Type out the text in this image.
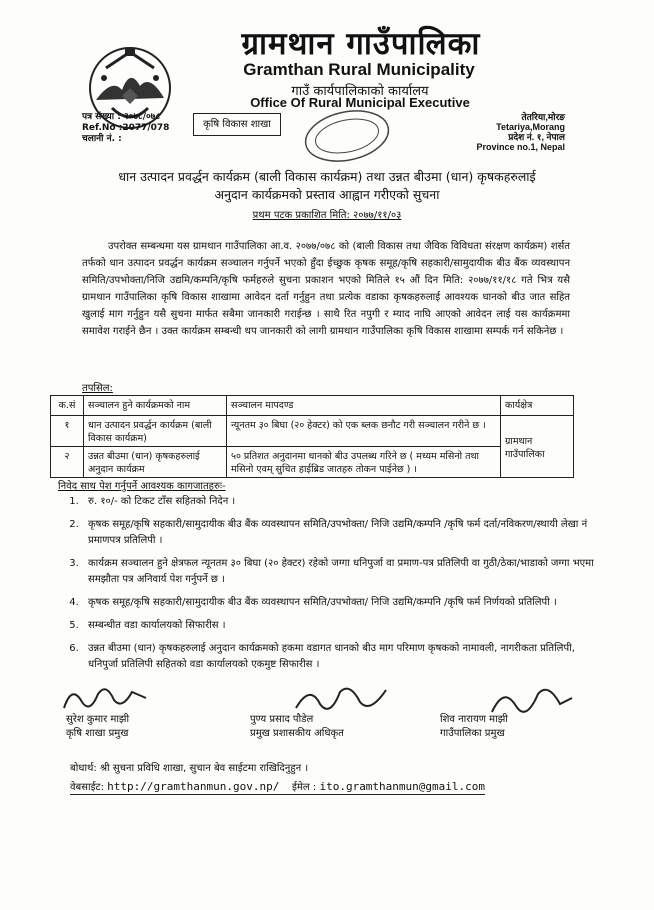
ग्रामथान गाउँपालिका
Gramthan Rural Municipality
गाउँ कार्यपालिकाको कार्यालय
Office Of Rural Municipal Executive
पत्र संख्या : २०७८/०७८
Ref.No :2077/078
चलानी नं. :
कृषि विकास शाखा
तेतरिया,मोरङ
Tetariya,Morang
प्रदेश नं. १, नेपाल
Province no.1, Nepal
धान उत्पादन प्रवर्द्धन कार्यक्रम (बाली विकास कार्यक्रम) तथा उन्नत बीउमा (धान) कृषकहरुलाई
अनुदान कार्यक्रमको प्रस्ताव आह्वान गरीएको सुचना
प्रथम पटक प्रकाशित मिति: २०७७/११/०३
उपरोक्त सम्बन्धमा यस ग्रामथान गाउँपालिका आ.व. २०७७/०७८ को (बाली विकास तथा जैविक विविधता संरक्षण कार्यक्रम) शर्सत तर्फको धान उत्पादन प्रवर्द्धन कार्यक्रम सञ्चालन गर्नुपर्ने भएको हुँदा ईच्छुक कृषक समूह/कृषि सहकारी/सामुदायीक बीउ बैंक व्यवस्थापन समिति/उपभोक्ता/निजि उद्यमि/कम्पनि/कृषि फर्महरुले सुचना प्रकाशन भएको मितिले १५ औं दिन मिति: २०७७/११/१८ गते भित्र यसै ग्रामथान गाउँपालिका कृषि विकास शाखामा आवेदन दर्ता गर्नुहुन तथा प्रत्येक वडाका कृषकहरुलाई आवश्यक धानको बीउ जात सहित खुलाई माग गर्नुहुन यसै सुचना मार्फत सबैमा जानकारी गराईन्छ । साथै रित नपुगी र म्याद नाघि आएको आवेदन लाई यस कार्यक्रममा समावेश गराईने छैन । उक्त कार्यक्रम सम्बन्धी थप जानकारी को लागी ग्रामथान गाउँपालिका कृषि विकास शाखामा सम्पर्क गर्न सकिनेछ ।
तपसिल:
क.सं	सञ्चालन हुने कार्यक्रमको नाम	सञ्चालन मापदण्ड	कार्यक्षेत्र
१	धान उत्पादन प्रवर्द्धन कार्यक्रम (बाली विकास कार्यक्रम)	न्यूनतम ३० बिघा (२० हेक्टर) को एक ब्लक छनौट गरी सञ्चालन गरीने छ ।	ग्रामथान गाउँपालिका
२	उन्नत बीउमा (धान) कृषकहरुलाई अनुदान कार्यक्रम	५० प्रतिशत अनुदानमा धानको बीउ उपलब्ध गरिने छ ( मध्यम मसिनो तथा मसिनो एवम् सुचित हाईब्रिड जातहरु तोकन पाईनेछ ) ।	
निवेद साथ पेश गर्नुपर्ने आवश्यक कागजातहरुः-
1. रु. १०/- को टिकट टाँस सहितको निदेन ।
2. कृषक समूह/कृषि सहकारी/सामुदायीक बीउ बैंक व्यवस्थापन समिति/उपभोक्ता/ निजि उद्यमि/कम्पनि /कृषि फर्म दर्ता/नविकरण/स्थायी लेखा नं प्रमाणपत्र प्रतिलिपी ।
3. कार्यक्रम सञ्चालन हुने क्षेत्रफल न्यूनतम ३० बिघा (२० हेक्टर) रहेको जग्गा धनिपुर्जा वा प्रमाण-पत्र प्रतिलिपी वा गुठी/ठेका/भाडाको जग्गा भएमा समझौता पत्र अनिवार्य पेश गर्नुपर्ने छ ।
4. कृषक समूह/कृषि सहकारी/सामुदायीक बीउ बैंक व्यवस्थापन समिति/उपभोक्ता/ निजि उद्यमि/कम्पनि /कृषि फर्म निर्णयको प्रतिलिपी ।
5. सम्बन्धीत वडा कार्यालयको सिफारीस ।
6. उन्नत बीउमा (धान) कृषकहरुलाई अनुदान कार्यक्रमको हकमा वडागत धानको बीउ माग परिमाण कृषकको नामावली, नागरीकता प्रतिलिपी, धनिपुर्जा प्रतिलिपी सहितको वडा कार्यालयको एकमुष्ट सिफारीस ।
सुरेश कुमार माझी
कृषि शाखा प्रमुख
पुण्य प्रसाद पौडेल
प्रमुख प्रशासकीय अधिकृत
शिव नारायण माझी
गाउँपालिका प्रमुख
बोधार्थ: श्री सुचना प्रविधि शाखा, सुचान बेव साईटमा राखिदिनुहुन ।
वेबसाईट: http://gramthanmun.gov.np/ ईमेल : ito.gramthanmun@gmail.com
